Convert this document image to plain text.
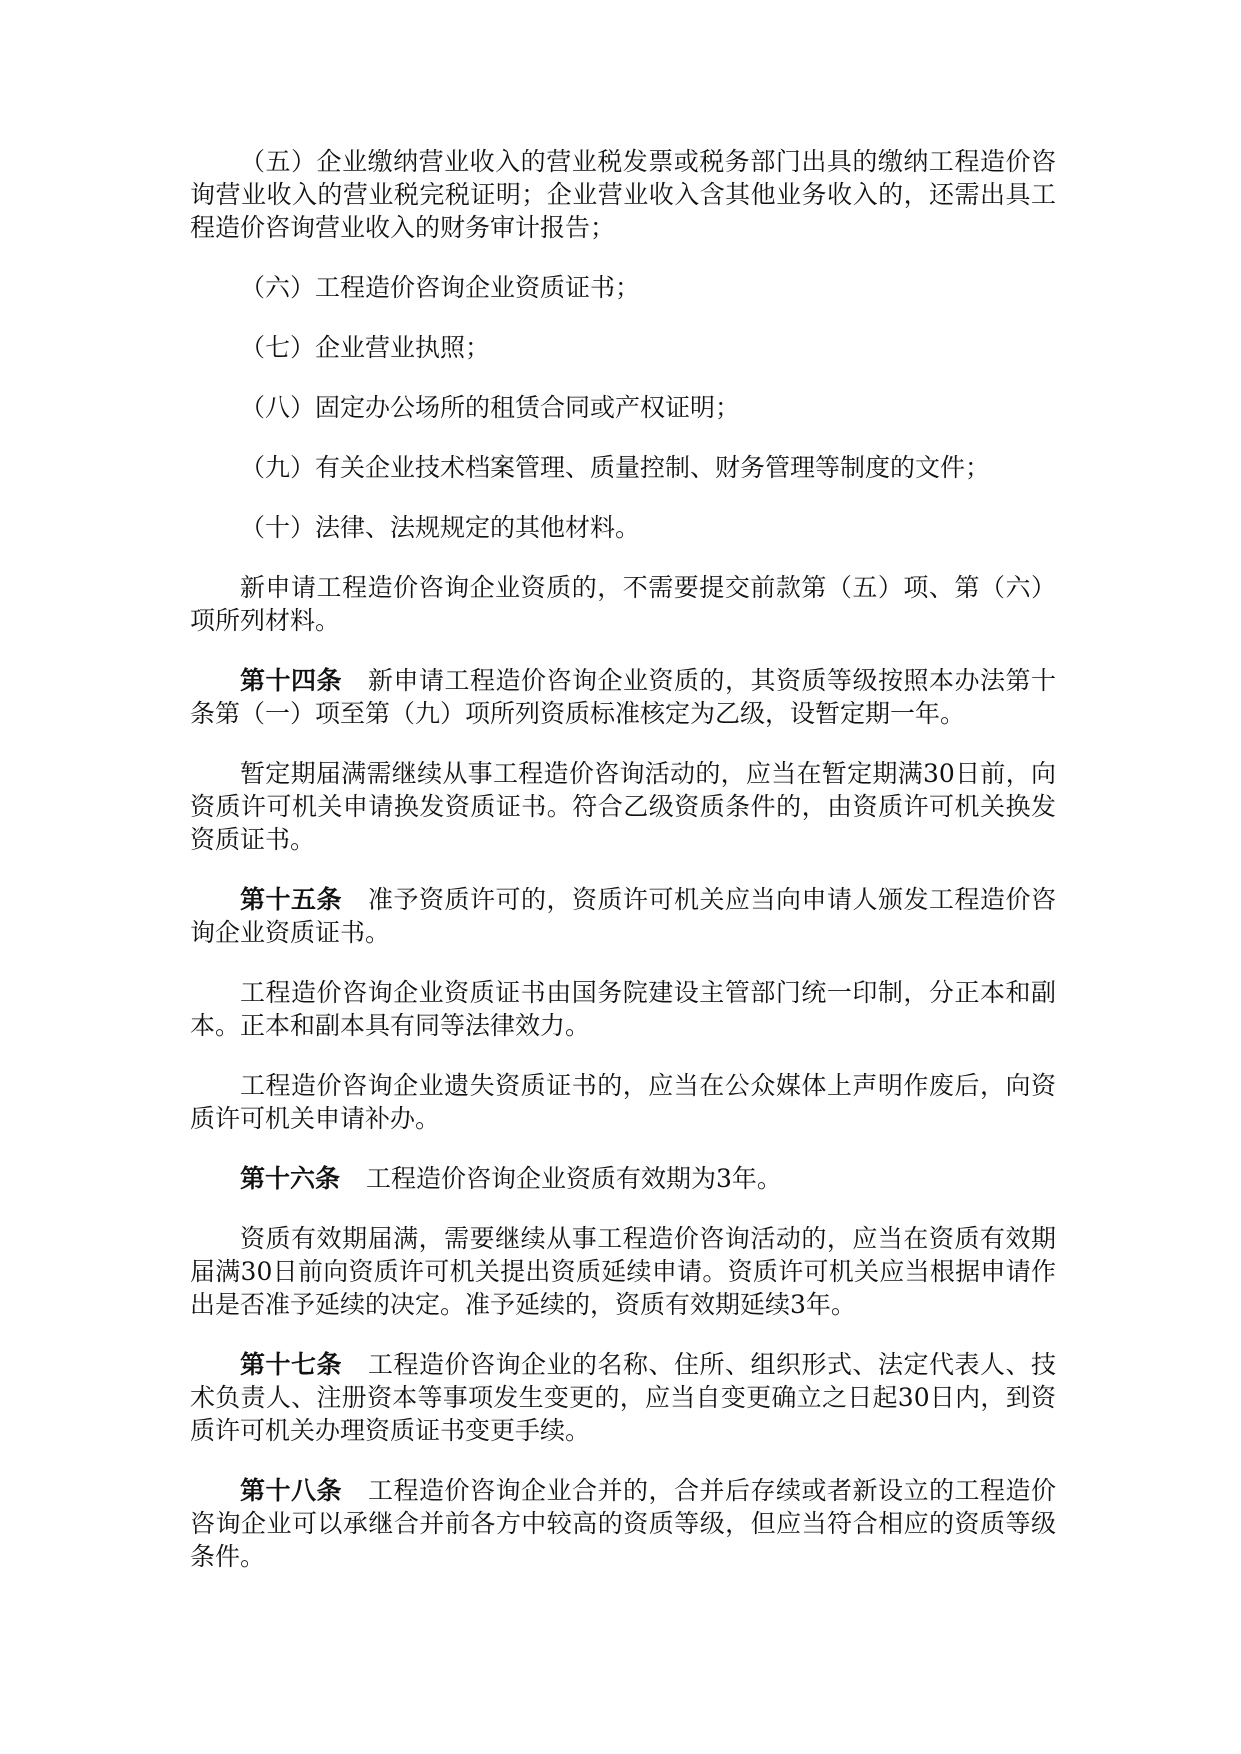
（五）企业缴纳营业收入的营业税发票或税务部门出具的缴纳工程造价咨询营业收入的营业税完税证明；企业营业收入含其他业务收入的，还需出具工程造价咨询营业收入的财务审计报告；

（六）工程造价咨询企业资质证书；

（七）企业营业执照；

（八）固定办公场所的租赁合同或产权证明；

（九）有关企业技术档案管理、质量控制、财务管理等制度的文件；

（十）法律、法规规定的其他材料。

新申请工程造价咨询企业资质的，不需要提交前款第（五）项、第（六）项所列材料。

第十四条 新申请工程造价咨询企业资质的，其资质等级按照本办法第十条第（一）项至第（九）项所列资质标准核定为乙级，设暂定期一年。

暂定期届满需继续从事工程造价咨询活动的，应当在暂定期满30日前，向资质许可机关申请换发资质证书。符合乙级资质条件的，由资质许可机关换发资质证书。

第十五条 准予资质许可的，资质许可机关应当向申请人颁发工程造价咨询企业资质证书。

工程造价咨询企业资质证书由国务院建设主管部门统一印制，分正本和副本。正本和副本具有同等法律效力。

工程造价咨询企业遗失资质证书的，应当在公众媒体上声明作废后，向资质许可机关申请补办。

第十六条 工程造价咨询企业资质有效期为3年。

资质有效期届满，需要继续从事工程造价咨询活动的，应当在资质有效期届满30日前向资质许可机关提出资质延续申请。资质许可机关应当根据申请作出是否准予延续的决定。准予延续的，资质有效期延续3年。

第十七条 工程造价咨询企业的名称、住所、组织形式、法定代表人、技术负责人、注册资本等事项发生变更的，应当自变更确立之日起30日内，到资质许可机关办理资质证书变更手续。

第十八条 工程造价咨询企业合并的，合并后存续或者新设立的工程造价咨询企业可以承继合并前各方中较高的资质等级，但应当符合相应的资质等级条件。
